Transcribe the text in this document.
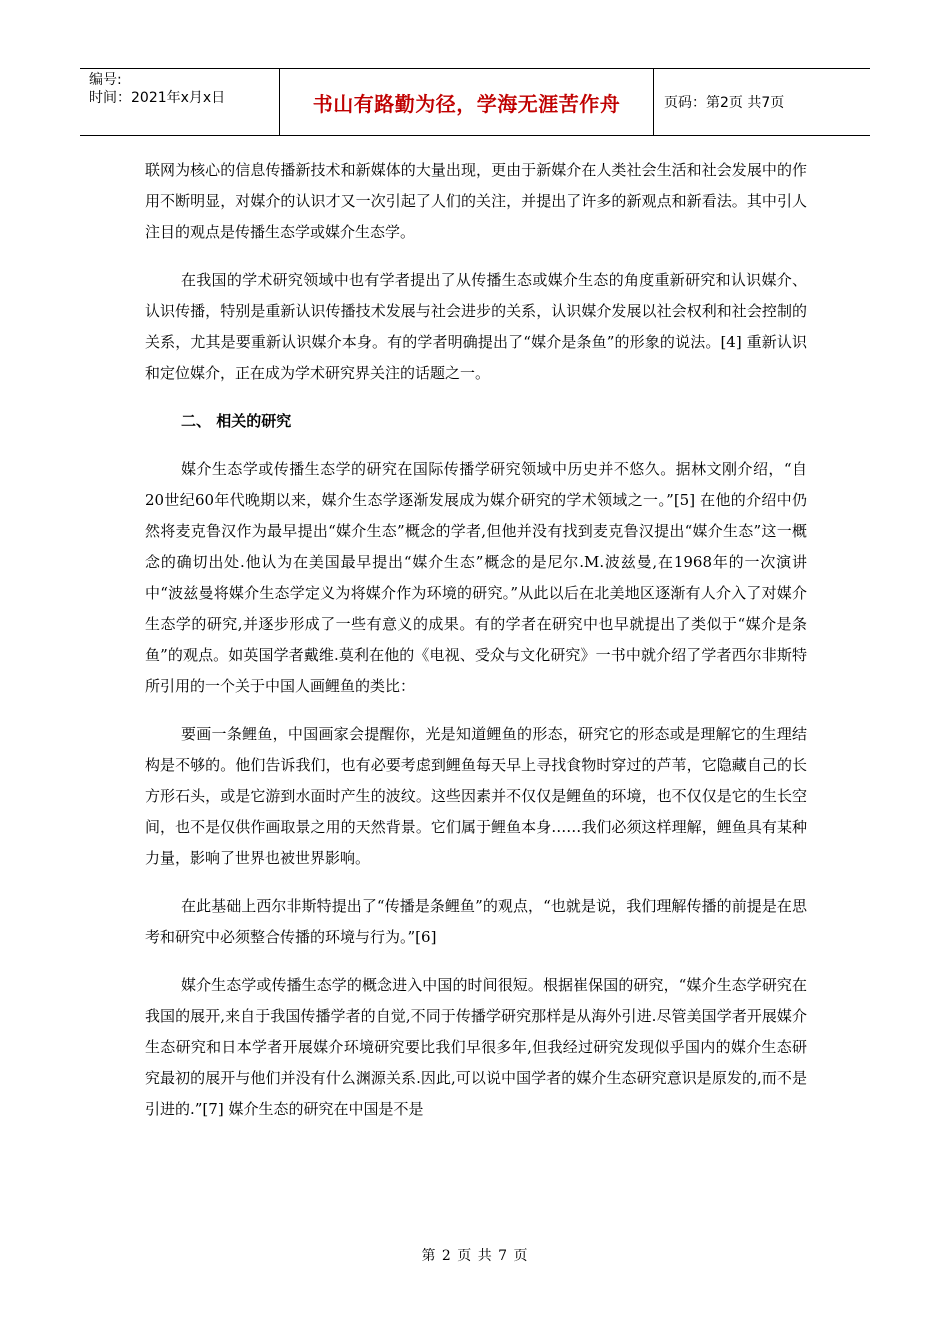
编号:
时间：2021年x月x日	书山有路勤为径，学海无涯苦作舟	页码：第2页 共7页

联网为核心的信息传播新技术和新媒体的大量出现，更由于新媒介在人类社会生活和社会发展中的作用不断明显，对媒介的认识才又一次引起了人们的关注，并提出了许多的新观点和新看法。其中引人注目的观点是传播生态学或媒介生态学。

在我国的学术研究领域中也有学者提出了从传播生态或媒介生态的角度重新研究和认识媒介、认识传播，特别是重新认识传播技术发展与社会进步的关系，认识媒介发展以社会权利和社会控制的关系，尤其是要重新认识媒介本身。有的学者明确提出了“媒介是条鱼”的形象的说法。[4] 重新认识和定位媒介，正在成为学术研究界关注的话题之一。

二、 相关的研究

媒介生态学或传播生态学的研究在国际传播学研究领域中历史并不悠久。据林文刚介绍，“自20世纪60年代晚期以来，媒介生态学逐渐发展成为媒介研究的学术领域之一。”[5] 在他的介绍中仍然将麦克鲁汉作为最早提出“媒介生态”概念的学者,但他并没有找到麦克鲁汉提出“媒介生态”这一概念的确切出处.他认为在美国最早提出“媒介生态”概念的是尼尔.M.波兹曼,在1968年的一次演讲中“波兹曼将媒介生态学定义为将媒介作为环境的研究。”从此以后在北美地区逐渐有人介入了对媒介生态学的研究,并逐步形成了一些有意义的成果。有的学者在研究中也早就提出了类似于“媒介是条鱼”的观点。如英国学者戴维.莫利在他的《电视、受众与文化研究》一书中就介绍了学者西尔非斯特所引用的一个关于中国人画鲤鱼的类比：

要画一条鲤鱼，中国画家会提醒你，光是知道鲤鱼的形态，研究它的形态或是理解它的生理结构是不够的。他们告诉我们，也有必要考虑到鲤鱼每天早上寻找食物时穿过的芦苇，它隐藏自己的长方形石头，或是它游到水面时产生的波纹。这些因素并不仅仅是鲤鱼的环境，也不仅仅是它的生长空间，也不是仅供作画取景之用的天然背景。它们属于鲤鱼本身……我们必须这样理解，鲤鱼具有某种力量，影响了世界也被世界影响。

在此基础上西尔非斯特提出了“传播是条鲤鱼”的观点，“也就是说，我们理解传播的前提是在思考和研究中必须整合传播的环境与行为。”[6]

媒介生态学或传播生态学的概念进入中国的时间很短。根据崔保国的研究，“媒介生态学研究在我国的展开,来自于我国传播学者的自觉,不同于传播学研究那样是从海外引进.尽管美国学者开展媒介生态研究和日本学者开展媒介环境研究要比我们早很多年,但我经过研究发现似乎国内的媒介生态研究最初的展开与他们并没有什么渊源关系.因此,可以说中国学者的媒介生态研究意识是原发的,而不是引进的.”[7] 媒介生态的研究在中国是不是

第 2 页 共 7 页
